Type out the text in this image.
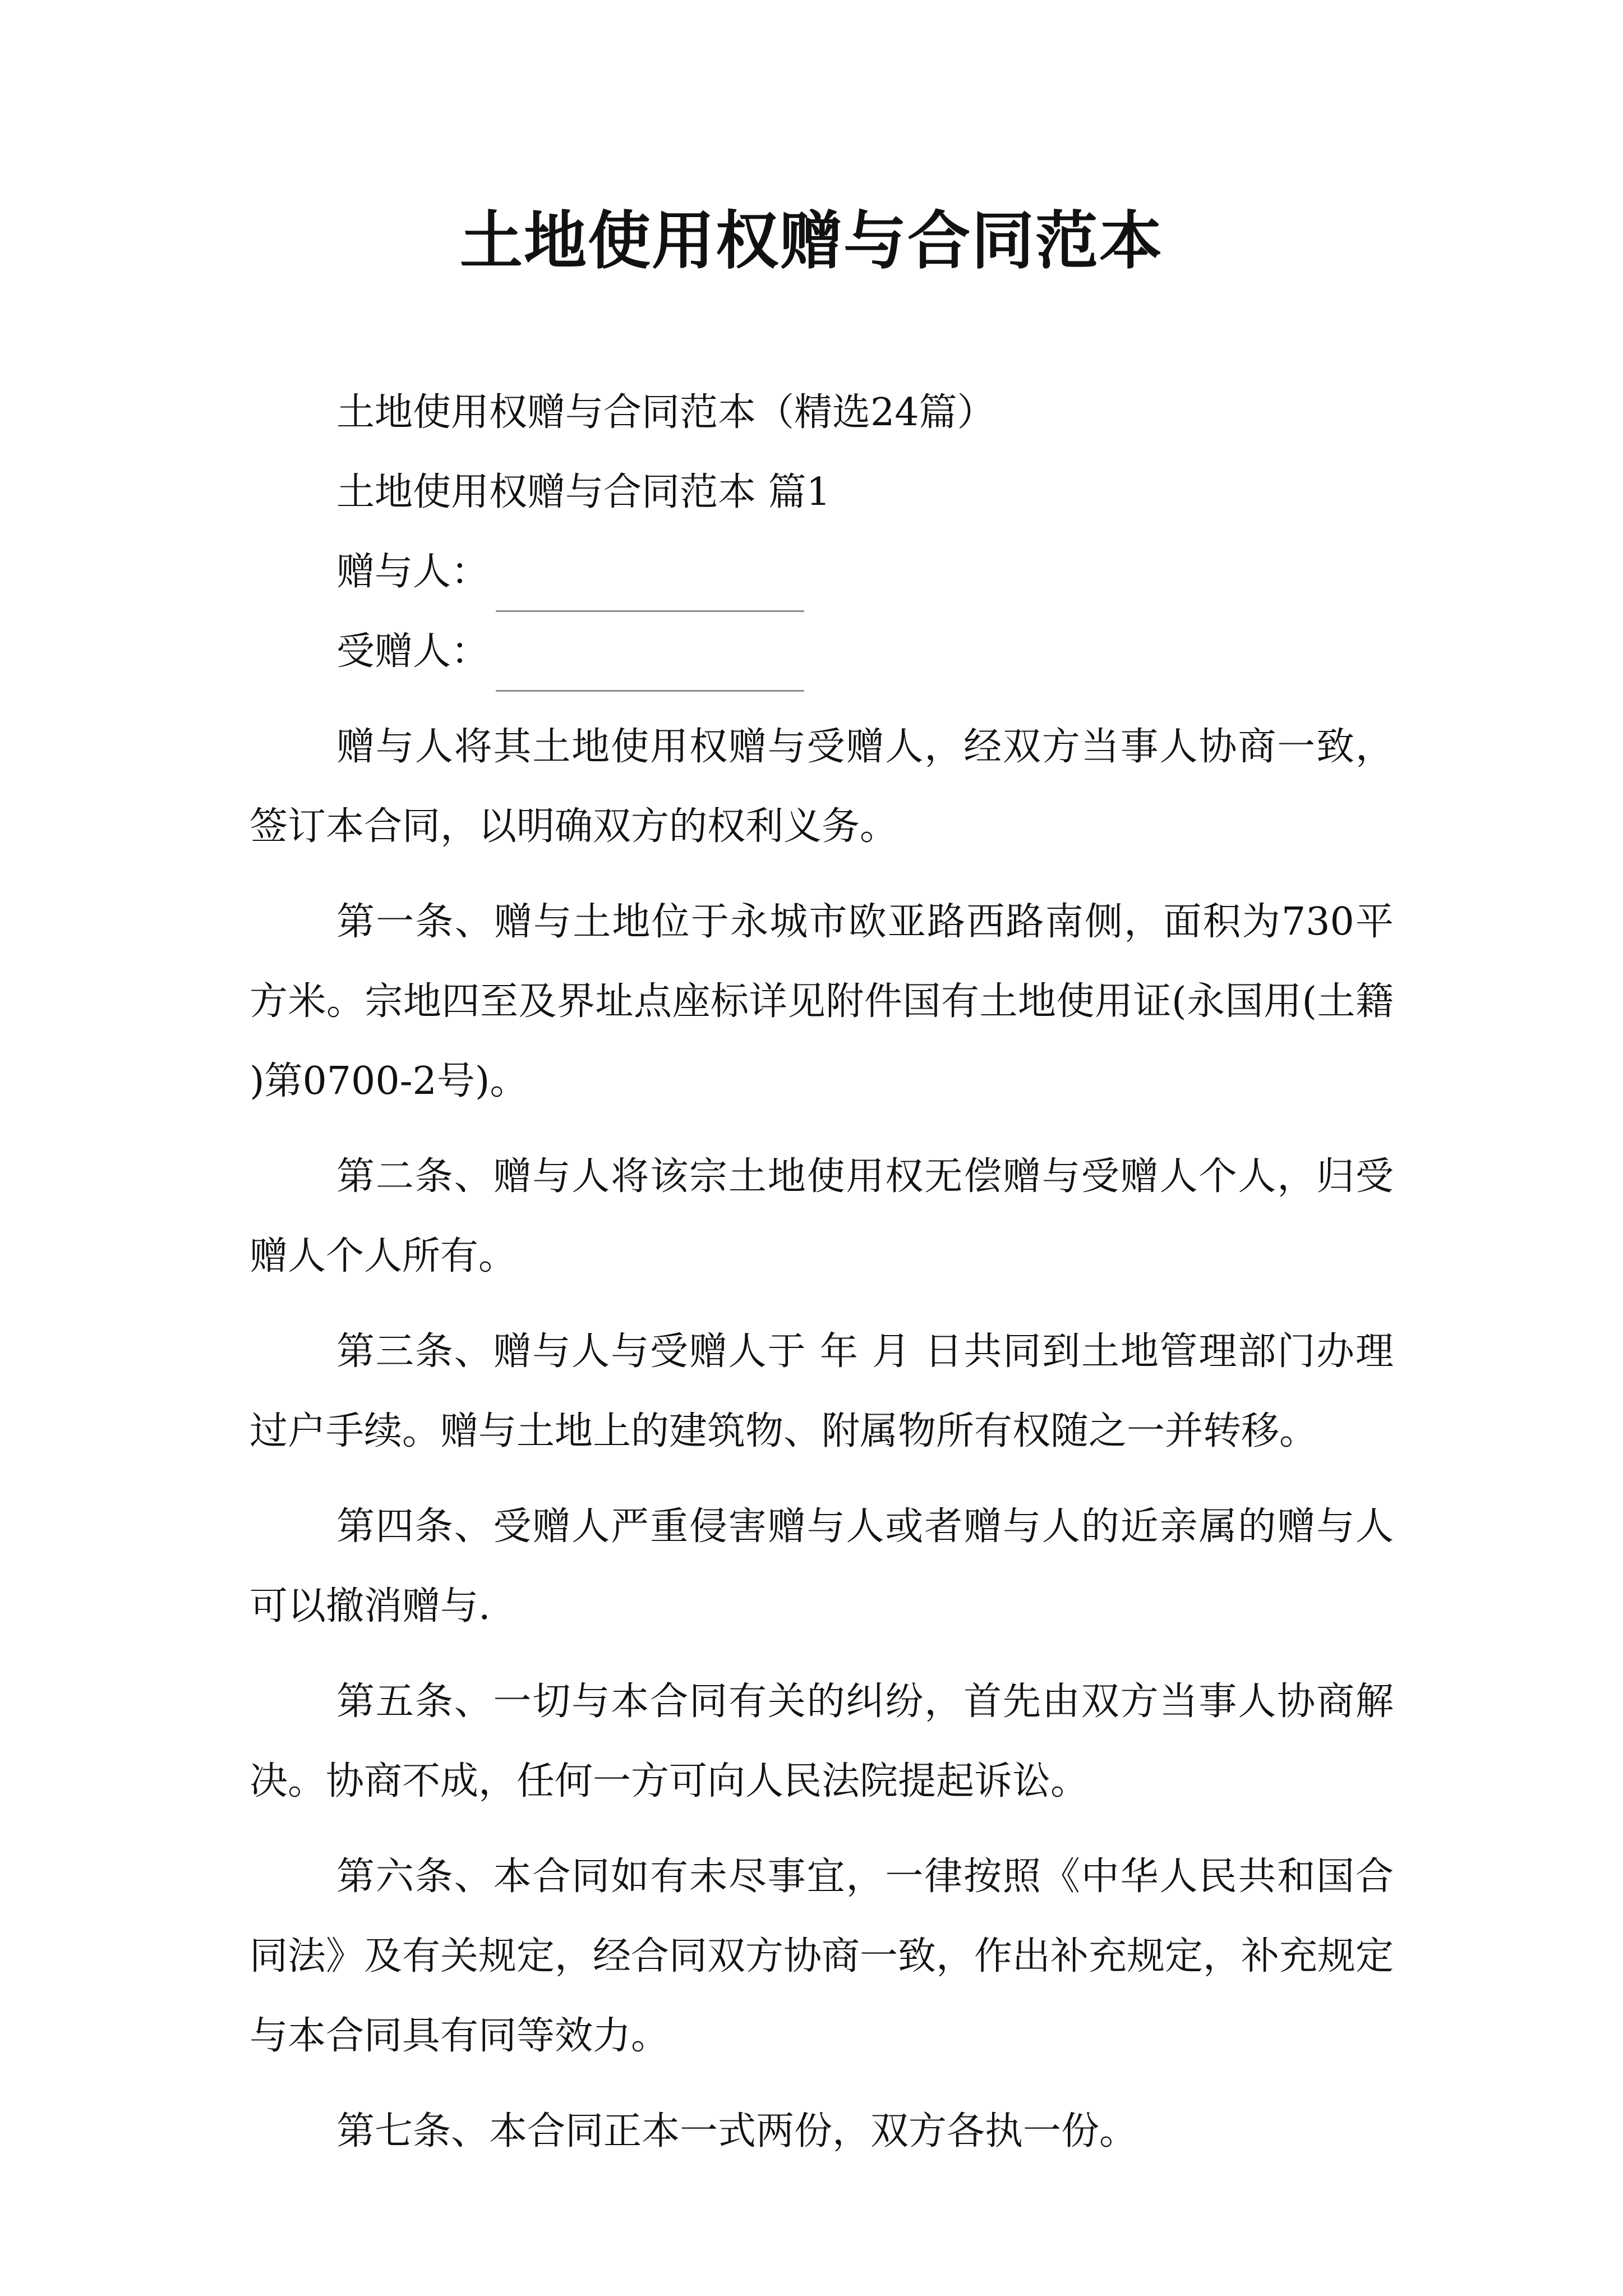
土地使用权赠与合同范本

土地使用权赠与合同范本（精选24篇）

土地使用权赠与合同范本 篇1

赠与人：
受赠人：

赠与人将其土地使用权赠与受赠人，经双方当事人协商一致，签订本合同，以明确双方的权利义务。

第一条、赠与土地位于永城市欧亚路西路南侧，面积为730平方米。宗地四至及界址点座标详见附件国有土地使用证(永国用(土籍)第0700-2号)。

第二条、赠与人将该宗土地使用权无偿赠与受赠人个人，归受赠人个人所有。

第三条、赠与人与受赠人于 年 月 日共同到土地管理部门办理过户手续。赠与土地上的建筑物、附属物所有权随之一并转移。

第四条、受赠人严重侵害赠与人或者赠与人的近亲属的赠与人可以撤消赠与.

第五条、一切与本合同有关的纠纷，首先由双方当事人协商解决。协商不成，任何一方可向人民法院提起诉讼。

第六条、本合同如有未尽事宜，一律按照《中华人民共和国合同法》及有关规定，经合同双方协商一致，作出补充规定，补充规定与本合同具有同等效力。

第七条、本合同正本一式两份，双方各执一份。
